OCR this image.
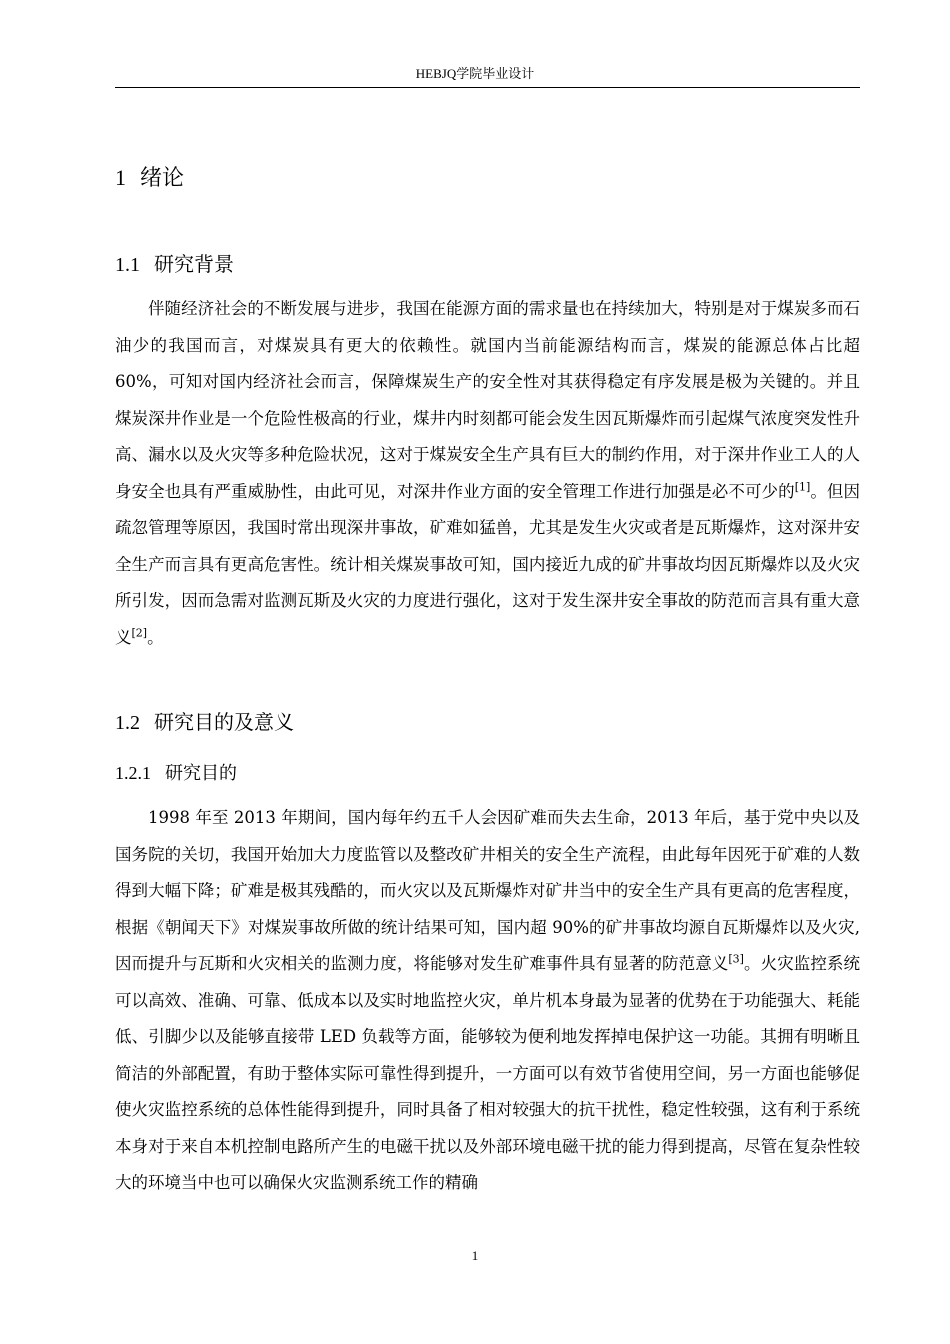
HEBJQ学院毕业设计
1 绪论
1.1 研究背景

伴随经济社会的不断发展与进步，我国在能源方面的需求量也在持续加大，特别是对于煤炭多而石油少的我国而言，对煤炭具有更大的依赖性。就国内当前能源结构而言，煤炭的能源总体占比超 60%，可知对国内经济社会而言，保障煤炭生产的安全性对其获得稳定有序发展是极为关键的。并且煤炭深井作业是一个危险性极高的行业，煤井内时刻都可能会发生因瓦斯爆炸而引起煤气浓度突发性升高、漏水以及火灾等多种危险状况，这对于煤炭安全生产具有巨大的制约作用，对于深井作业工人的人身安全也具有严重威胁性，由此可见，对深井作业方面的安全管理工作进行加强是必不可少的[1]。但因疏忽管理等原因，我国时常出现深井事故，矿难如猛兽，尤其是发生火灾或者是瓦斯爆炸，这对深井安全生产而言具有更高危害性。统计相关煤炭事故可知，国内接近九成的矿井事故均因瓦斯爆炸以及火灾所引发，因而急需对监测瓦斯及火灾的力度进行强化，这对于发生深井安全事故的防范而言具有重大意义[2]。

1.2 研究目的及意义
1.2.1 研究目的

1998 年至 2013 年期间，国内每年约五千人会因矿难而失去生命，2013 年后，基于党中央以及国务院的关切，我国开始加大力度监管以及整改矿井相关的安全生产流程，由此每年因死于矿难的人数得到大幅下降；矿难是极其残酷的，而火灾以及瓦斯爆炸对矿井当中的安全生产具有更高的危害程度，根据《朝闻天下》对煤炭事故所做的统计结果可知，国内超 90%的矿井事故均源自瓦斯爆炸以及火灾,因而提升与瓦斯和火灾相关的监测力度，将能够对发生矿难事件具有显著的防范意义[3]。火灾监控系统可以高效、准确、可靠、低成本以及实时地监控火灾，单片机本身最为显著的优势在于功能强大、耗能低、引脚少以及能够直接带 LED 负载等方面，能够较为便利地发挥掉电保护这一功能。其拥有明晰且简洁的外部配置，有助于整体实际可靠性得到提升，一方面可以有效节省使用空间，另一方面也能够促使火灾监控系统的总体性能得到提升，同时具备了相对较强大的抗干扰性，稳定性较强，这有利于系统本身对于来自本机控制电路所产生的电磁干扰以及外部环境电磁干扰的能力得到提高，尽管在复杂性较大的环境当中也可以确保火灾监测系统工作的精确

1
